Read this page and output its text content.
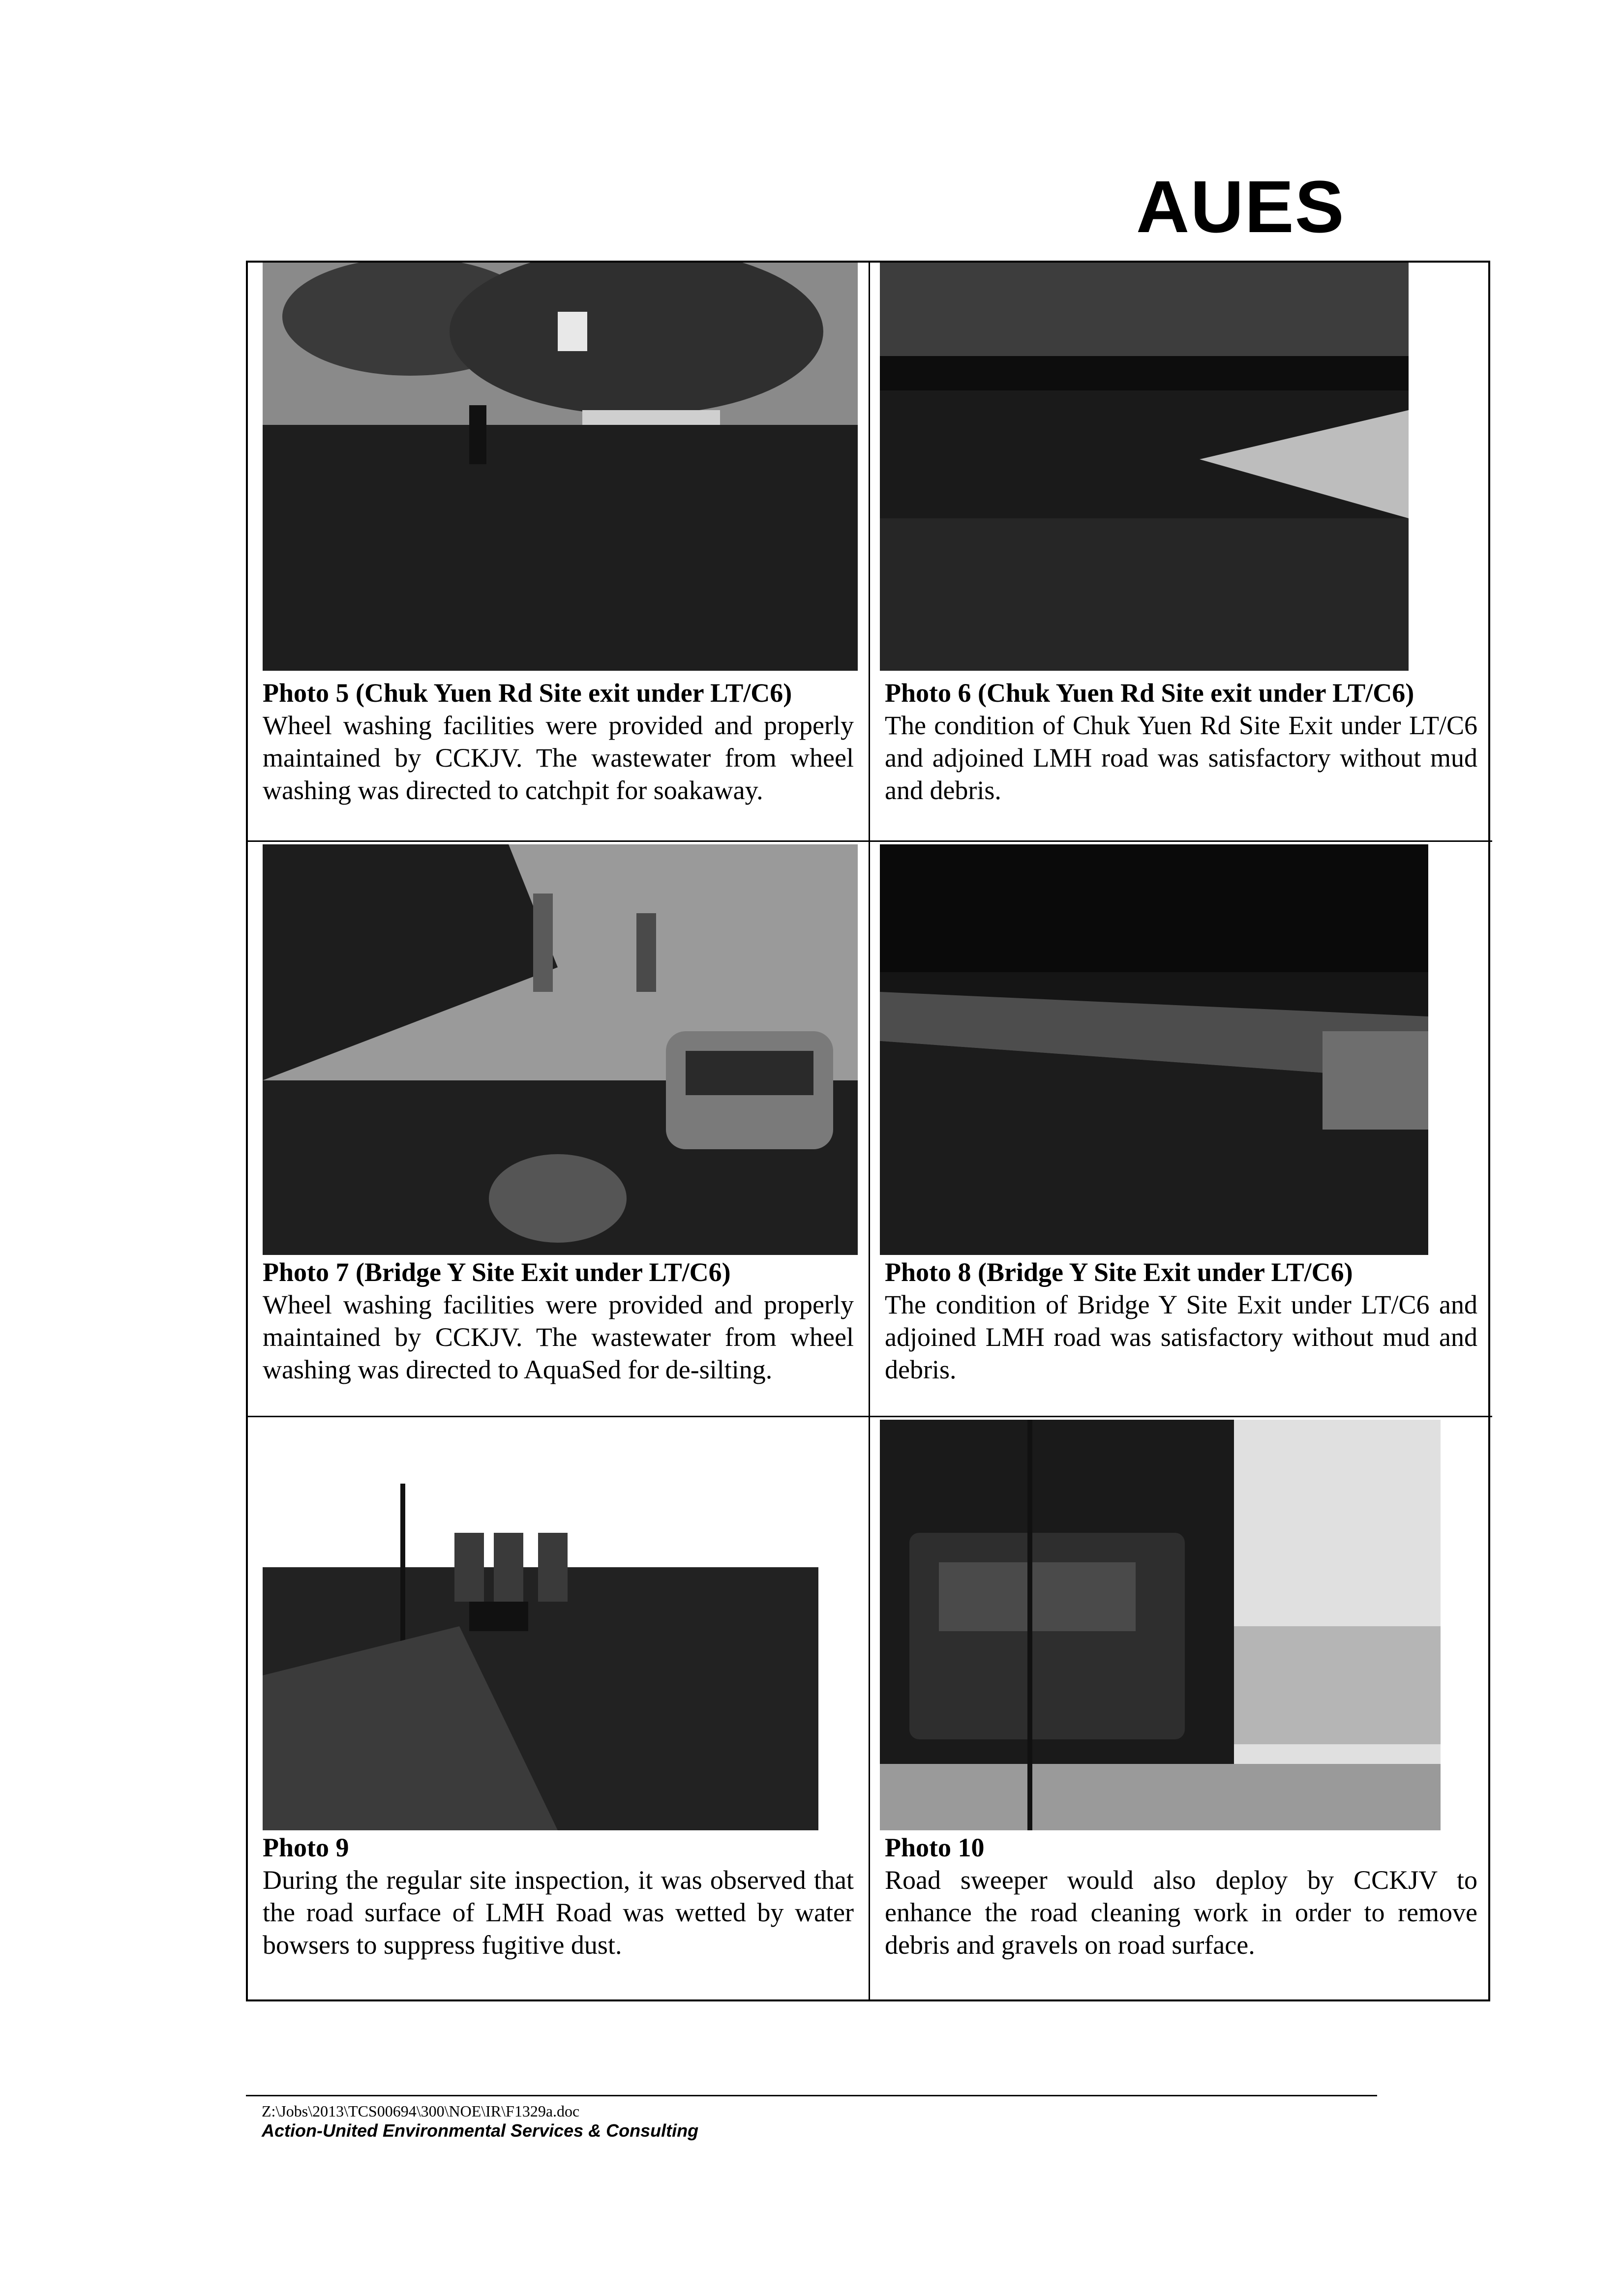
AUES
Photo 5 (Chuk Yuen Rd Site exit under LT/C6)
Wheel washing facilities were provided and properly maintained by CCKJV. The wastewater from wheel washing was directed to catchpit for soakaway.
Photo 6 (Chuk Yuen Rd Site exit under LT/C6)
The condition of Chuk Yuen Rd Site Exit under LT/C6 and adjoined LMH road was satisfactory without mud and debris.
Photo 7 (Bridge Y Site Exit under LT/C6)
Wheel washing facilities were provided and properly maintained by CCKJV. The wastewater from wheel washing was directed to AquaSed for de-silting.
Photo 8 (Bridge Y Site Exit under LT/C6)
The condition of Bridge Y Site Exit under LT/C6 and adjoined LMH road was satisfactory without mud and debris.
Photo 9
During the regular site inspection, it was observed that the road surface of LMH Road was wetted by water bowsers to suppress fugitive dust.
Photo 10
Road sweeper would also deploy by CCKJV to enhance the road cleaning work in order to remove debris and gravels on road surface.
Z:\Jobs\2013\TCS00694\300\NOE\IR\F1329a.doc
Action-United Environmental Services & Consulting
